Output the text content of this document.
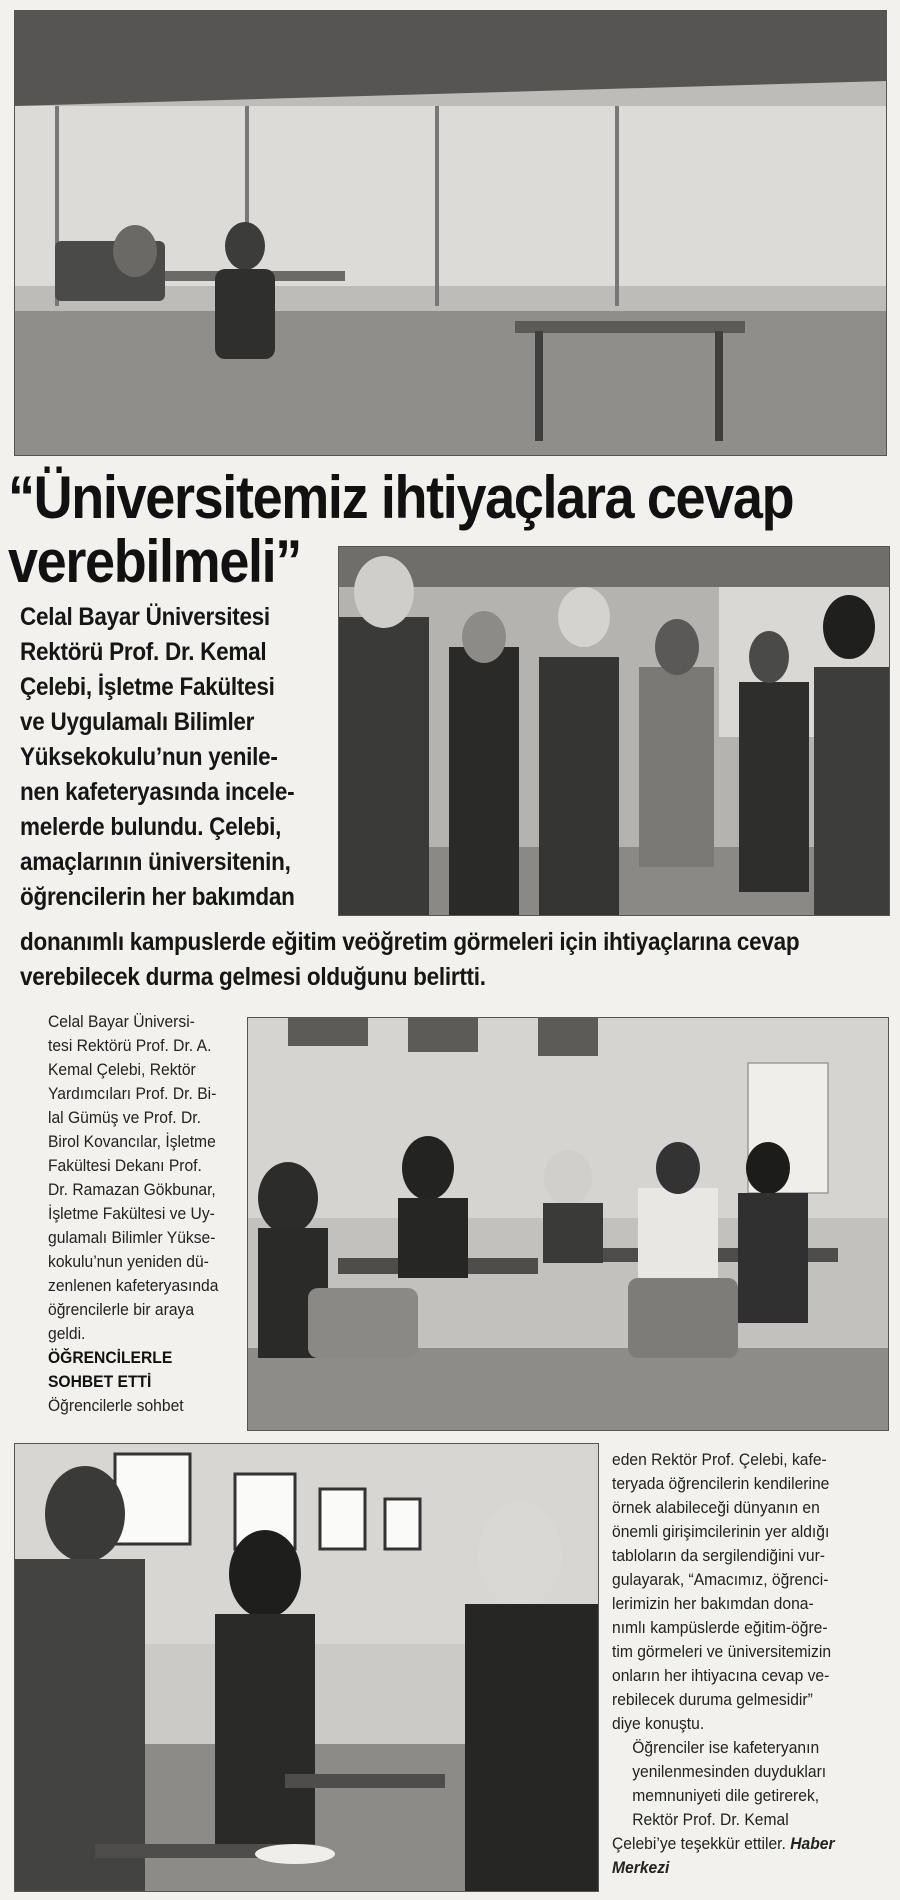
“Üniversitemiz ihtiyaçlara cevap
verebilmeli”
Celal Bayar Üniversitesi
Rektörü Prof. Dr. Kemal
Çelebi, İşletme Fakültesi
ve Uygulamalı Bilimler
Yüksekokulu’nun yenile-
nen kafeteryasında incele-
melerde bulundu. Çelebi,
amaçlarının üniversitenin,
öğrencilerin her bakımdan
donanımlı kampuslerde eğitim veöğretim görmeleri için ihtiyaçlarına cevap
verebilecek durma gelmesi olduğunu belirtti.
Celal Bayar Üniversi-
tesi Rektörü Prof. Dr. A.
Kemal Çelebi, Rektör
Yardımcıları Prof. Dr. Bi-
lal Gümüş ve Prof. Dr.
Birol Kovancılar, İşletme
Fakültesi Dekanı Prof.
Dr. Ramazan Gökbunar,
İşletme Fakültesi ve Uy-
gulamalı Bilimler Yükse-
kokulu’nun yeniden dü-
zenlenen kafeteryasında
öğrencilerle bir araya
geldi.
ÖĞRENCİLERLE
SOHBET ETTİ
Öğrencilerle sohbet
eden Rektör Prof. Çelebi, kafe-
teryada öğrencilerin kendilerine
örnek alabileceği dünyanın en
önemli girişimcilerinin yer aldığı
tabloların da sergilendiğini vur-
gulayarak, “Amacımız, öğrenci-
lerimizin her bakımdan dona-
nımlı kampüslerde eğitim-öğre-
tim görmeleri ve üniversitemizin
onların her ihtiyacına cevap ve-
rebilecek duruma gelmesidir”
diye konuştu.
Öğrenciler ise kafeteryanın
yenilenmesinden duydukları
memnuniyeti dile getirerek,
Rektör Prof. Dr. Kemal
Çelebi’ye teşekkür ettiler. Haber
Merkezi
